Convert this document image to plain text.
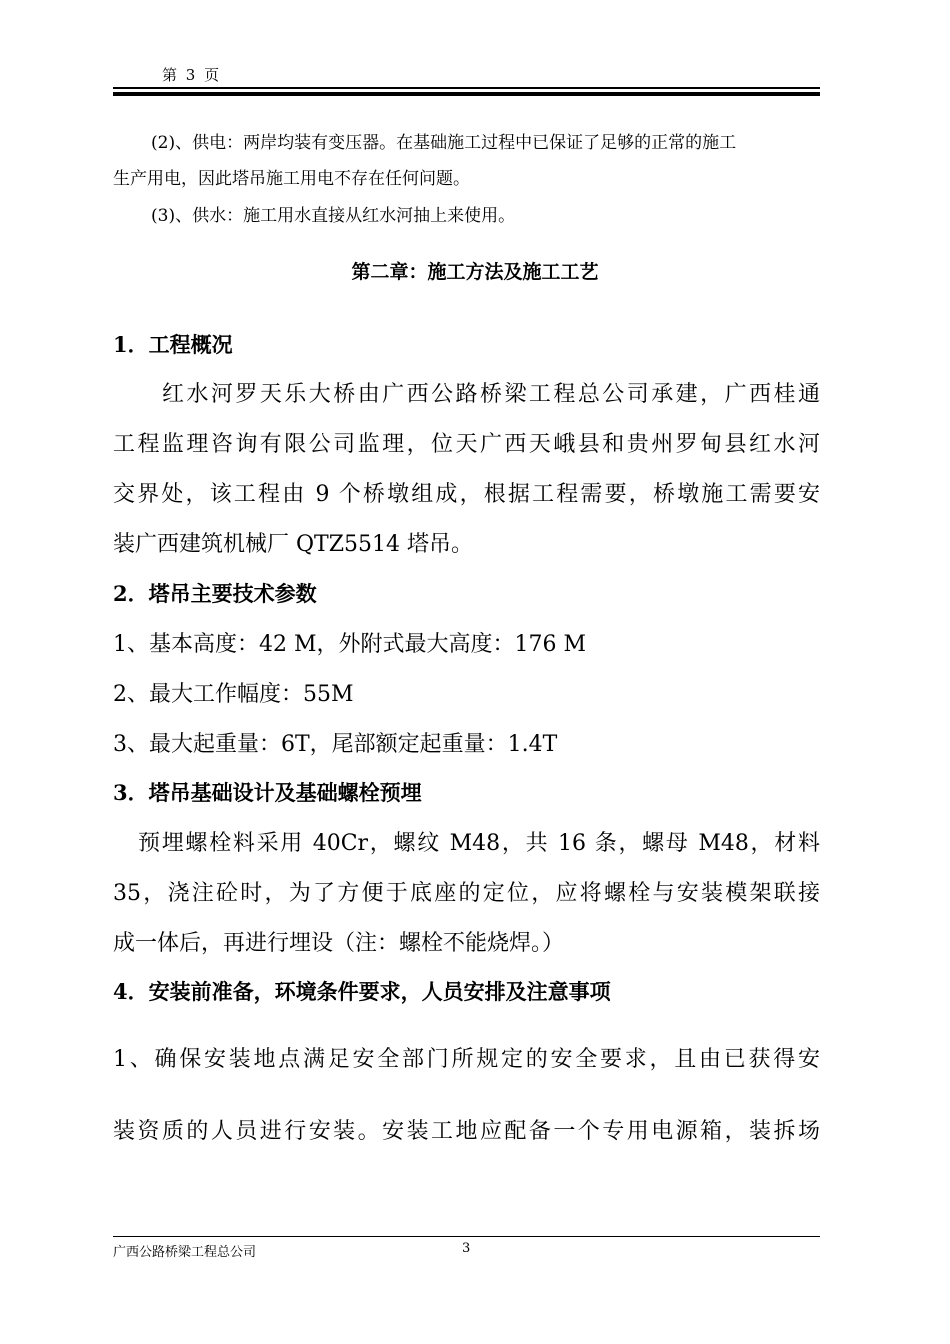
第 3 页
(2)、供电：两岸均装有变压器。在基础施工过程中已保证了足够的正常的施工
生产用电，因此塔吊施工用电不存在任何问题。
(3)、供水：施工用水直接从红水河抽上来使用。
第二章：施工方法及施工工艺
1．工程概况
红水河罗天乐大桥由广西公路桥梁工程总公司承建，广西桂通
工程监理咨询有限公司监理，位天广西天峨县和贵州罗甸县红水河
交界处，该工程由 9 个桥墩组成，根据工程需要，桥墩施工需要安
装广西建筑机械厂 QTZ5514 塔吊。
2．塔吊主要技术参数
1、基本高度：42 M，外附式最大高度：176 M
2、最大工作幅度：55M
3、最大起重量：6T，尾部额定起重量：1.4T
3．塔吊基础设计及基础螺栓预埋
预埋螺栓料采用 40Cr，螺纹 M48，共 16 条，螺母 M48，材料
35，浇注砼时，为了方便于底座的定位，应将螺栓与安装模架联接
成一体后，再进行埋设（注：螺栓不能烧焊。）
4．安装前准备，环境条件要求，人员安排及注意事项
1、确保安装地点满足安全部门所规定的安全要求，且由已获得安
装资质的人员进行安装。安装工地应配备一个专用电源箱，装拆场
广西公路桥梁工程总公司	3
